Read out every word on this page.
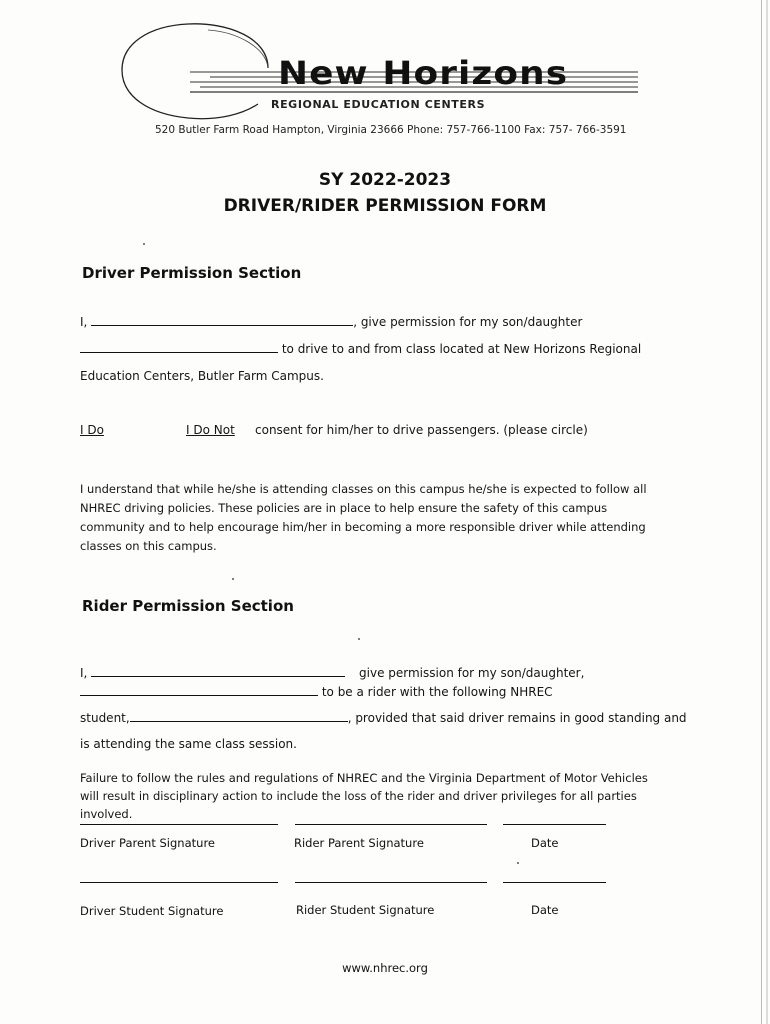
New Horizons
REGIONAL EDUCATION CENTERS
520 Butler Farm Road Hampton, Virginia 23666 Phone: 757-766-1100 Fax: 757- 766-3591
SY 2022-2023
DRIVER/RIDER PERMISSION FORM
Driver Permission Section
I,	, give permission for my son/daughter
to drive to and from class located at New Horizons Regional
Education Centers, Butler Farm Campus.
I Do	I Do Not consent for him/her to drive passengers. (please circle)
I understand that while he/she is attending classes on this campus he/she is expected to follow all NHREC driving policies. These policies are in place to help ensure the safety of this campus community and to help encourage him/her in becoming a more responsible driver while attending classes on this campus.
Rider Permission Section
I,	give permission for my son/daughter,
to be a rider with the following NHREC
student,	, provided that said driver remains in good standing and
is attending the same class session.
Failure to follow the rules and regulations of NHREC and the Virginia Department of Motor Vehicles will result in disciplinary action to include the loss of the rider and driver privileges for all parties involved.
Driver Parent Signature	Rider Parent Signature	Date
Driver Student Signature	Rider Student Signature	Date
www.nhrec.org
